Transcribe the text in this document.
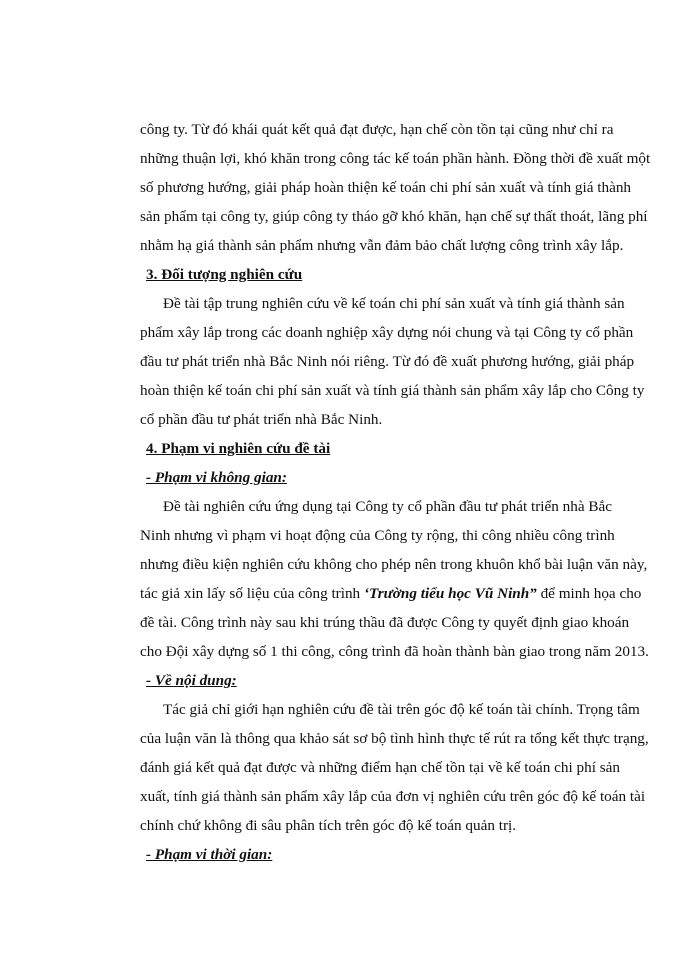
công ty. Từ đó khái quát kết quả đạt được, hạn chế còn tồn tại cũng như chỉ ra

những thuận lợi, khó khăn trong công tác kế toán phần hành. Đồng thời đề xuất một

số phương hướng, giải pháp hoàn thiện kế toán chi phí sản xuất và tính giá thành

sản phẩm tại công ty, giúp công ty tháo gỡ khó khăn, hạn chế sự thất thoát, lãng phí

nhằm hạ giá thành sản phẩm nhưng vẫn đảm bảo chất lượng công trình xây lắp.

3. Đối tượng nghiên cứu

Đề tài tập trung nghiên cứu về kế toán chi phí sản xuất và tính giá thành sản

phẩm xây lắp trong các doanh nghiệp xây dựng nói chung và tại Công ty cổ phần

đầu tư phát triển nhà Bắc Ninh nói riêng. Từ đó đề xuất phương hướng, giải pháp

hoàn thiện kế toán chi phí sản xuất và tính giá thành sản phẩm xây lắp cho Công ty

cổ phần đầu tư phát triển nhà Bắc Ninh.

4. Phạm vi nghiên cứu đề tài

- Phạm vi không gian:

Đề tài nghiên cứu ứng dụng tại Công ty cổ phần đầu tư phát triển nhà Bắc

Ninh nhưng vì phạm vi hoạt động của Công ty rộng, thi công nhiều công trình

nhưng điều kiện nghiên cứu không cho phép nên trong khuôn khổ bài luận văn này,

tác giả xin lấy số liệu của công trình ‘Trường tiểu học Vũ Ninh” để minh họa cho

đề tài. Công trình này sau khi trúng thầu đã được Công ty quyết định giao khoán

cho Đội xây dựng số 1 thi công, công trình đã hoàn thành bàn giao trong năm 2013.

- Về nội dung:

Tác giả chỉ giới hạn nghiên cứu đề tài trên góc độ kế toán tài chính. Trọng tâm

của luận văn là thông qua khảo sát sơ bộ tình hình thực tế rút ra tổng kết thực trạng,

đánh giá kết quả đạt được và những điểm hạn chế tồn tại về kế toán chi phí sản

xuất, tính giá thành sản phẩm xây lắp của đơn vị nghiên cứu trên góc độ kế toán tài

chính chứ không đi sâu phân tích trên góc độ kế toán quản trị.

- Phạm vi thời gian:
